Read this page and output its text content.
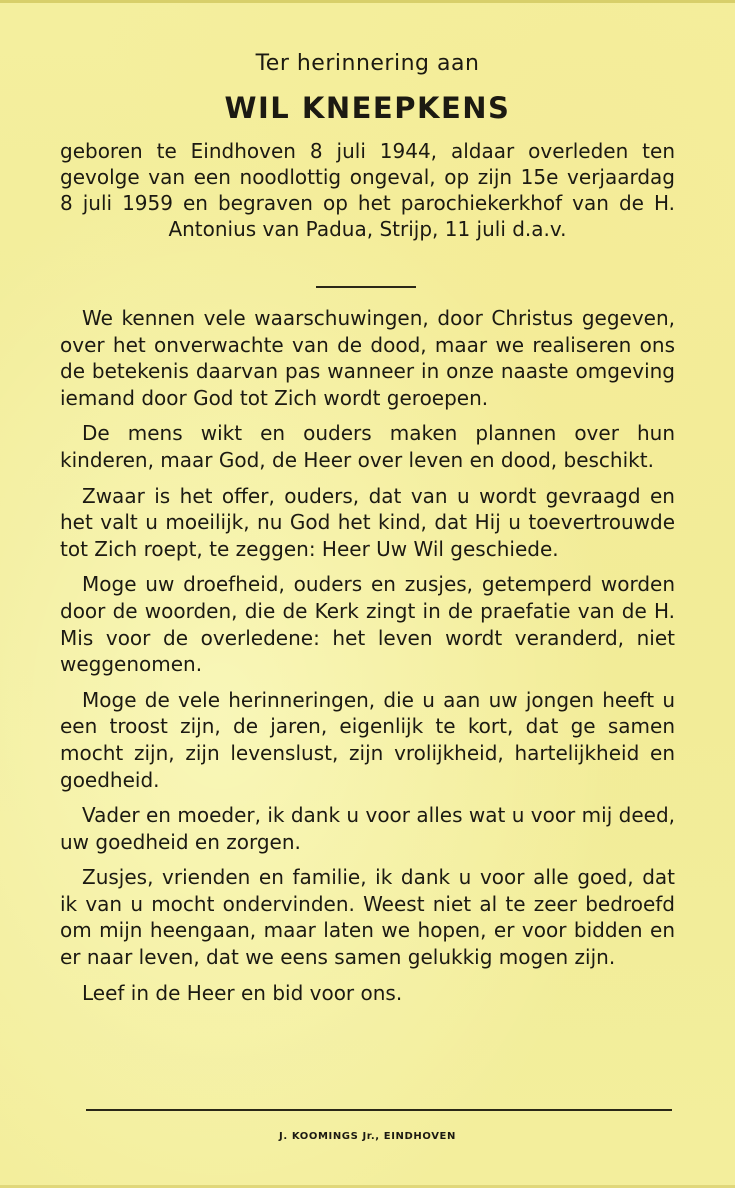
Ter herinnering aan
WIL KNEEPKENS
geboren te Eindhoven 8 juli 1944, aldaar overleden ten gevolge van een noodlottig ongeval, op zijn 15e verjaardag 8 juli 1959 en begraven op het parochiekerkhof van de H. Antonius van Padua, Strijp, 11 juli d.a.v.

We kennen vele waarschuwingen, door Christus gegeven, over het onverwachte van de dood, maar we realiseren ons de betekenis daarvan pas wanneer in onze naaste omgeving iemand door God tot Zich wordt geroepen.

De mens wikt en ouders maken plannen over hun kinderen, maar God, de Heer over leven en dood, beschikt.

Zwaar is het offer, ouders, dat van u wordt gevraagd en het valt u moeilijk, nu God het kind, dat Hij u toevertrouwde tot Zich roept, te zeggen: Heer Uw Wil geschiede.

Moge uw droefheid, ouders en zusjes, getemperd worden door de woorden, die de Kerk zingt in de praefatie van de H. Mis voor de overledene: het leven wordt veranderd, niet weggenomen.

Moge de vele herinneringen, die u aan uw jongen heeft u een troost zijn, de jaren, eigenlijk te kort, dat ge samen mocht zijn, zijn levenslust, zijn vrolijkheid, hartelijkheid en goedheid.

Vader en moeder, ik dank u voor alles wat u voor mij deed, uw goedheid en zorgen.

Zusjes, vrienden en familie, ik dank u voor alle goed, dat ik van u mocht ondervinden. Weest niet al te zeer bedroefd om mijn heengaan, maar laten we hopen, er voor bidden en er naar leven, dat we eens samen gelukkig mogen zijn.

Leef in de Heer en bid voor ons.

J. KOOMINGS Jr., EINDHOVEN
